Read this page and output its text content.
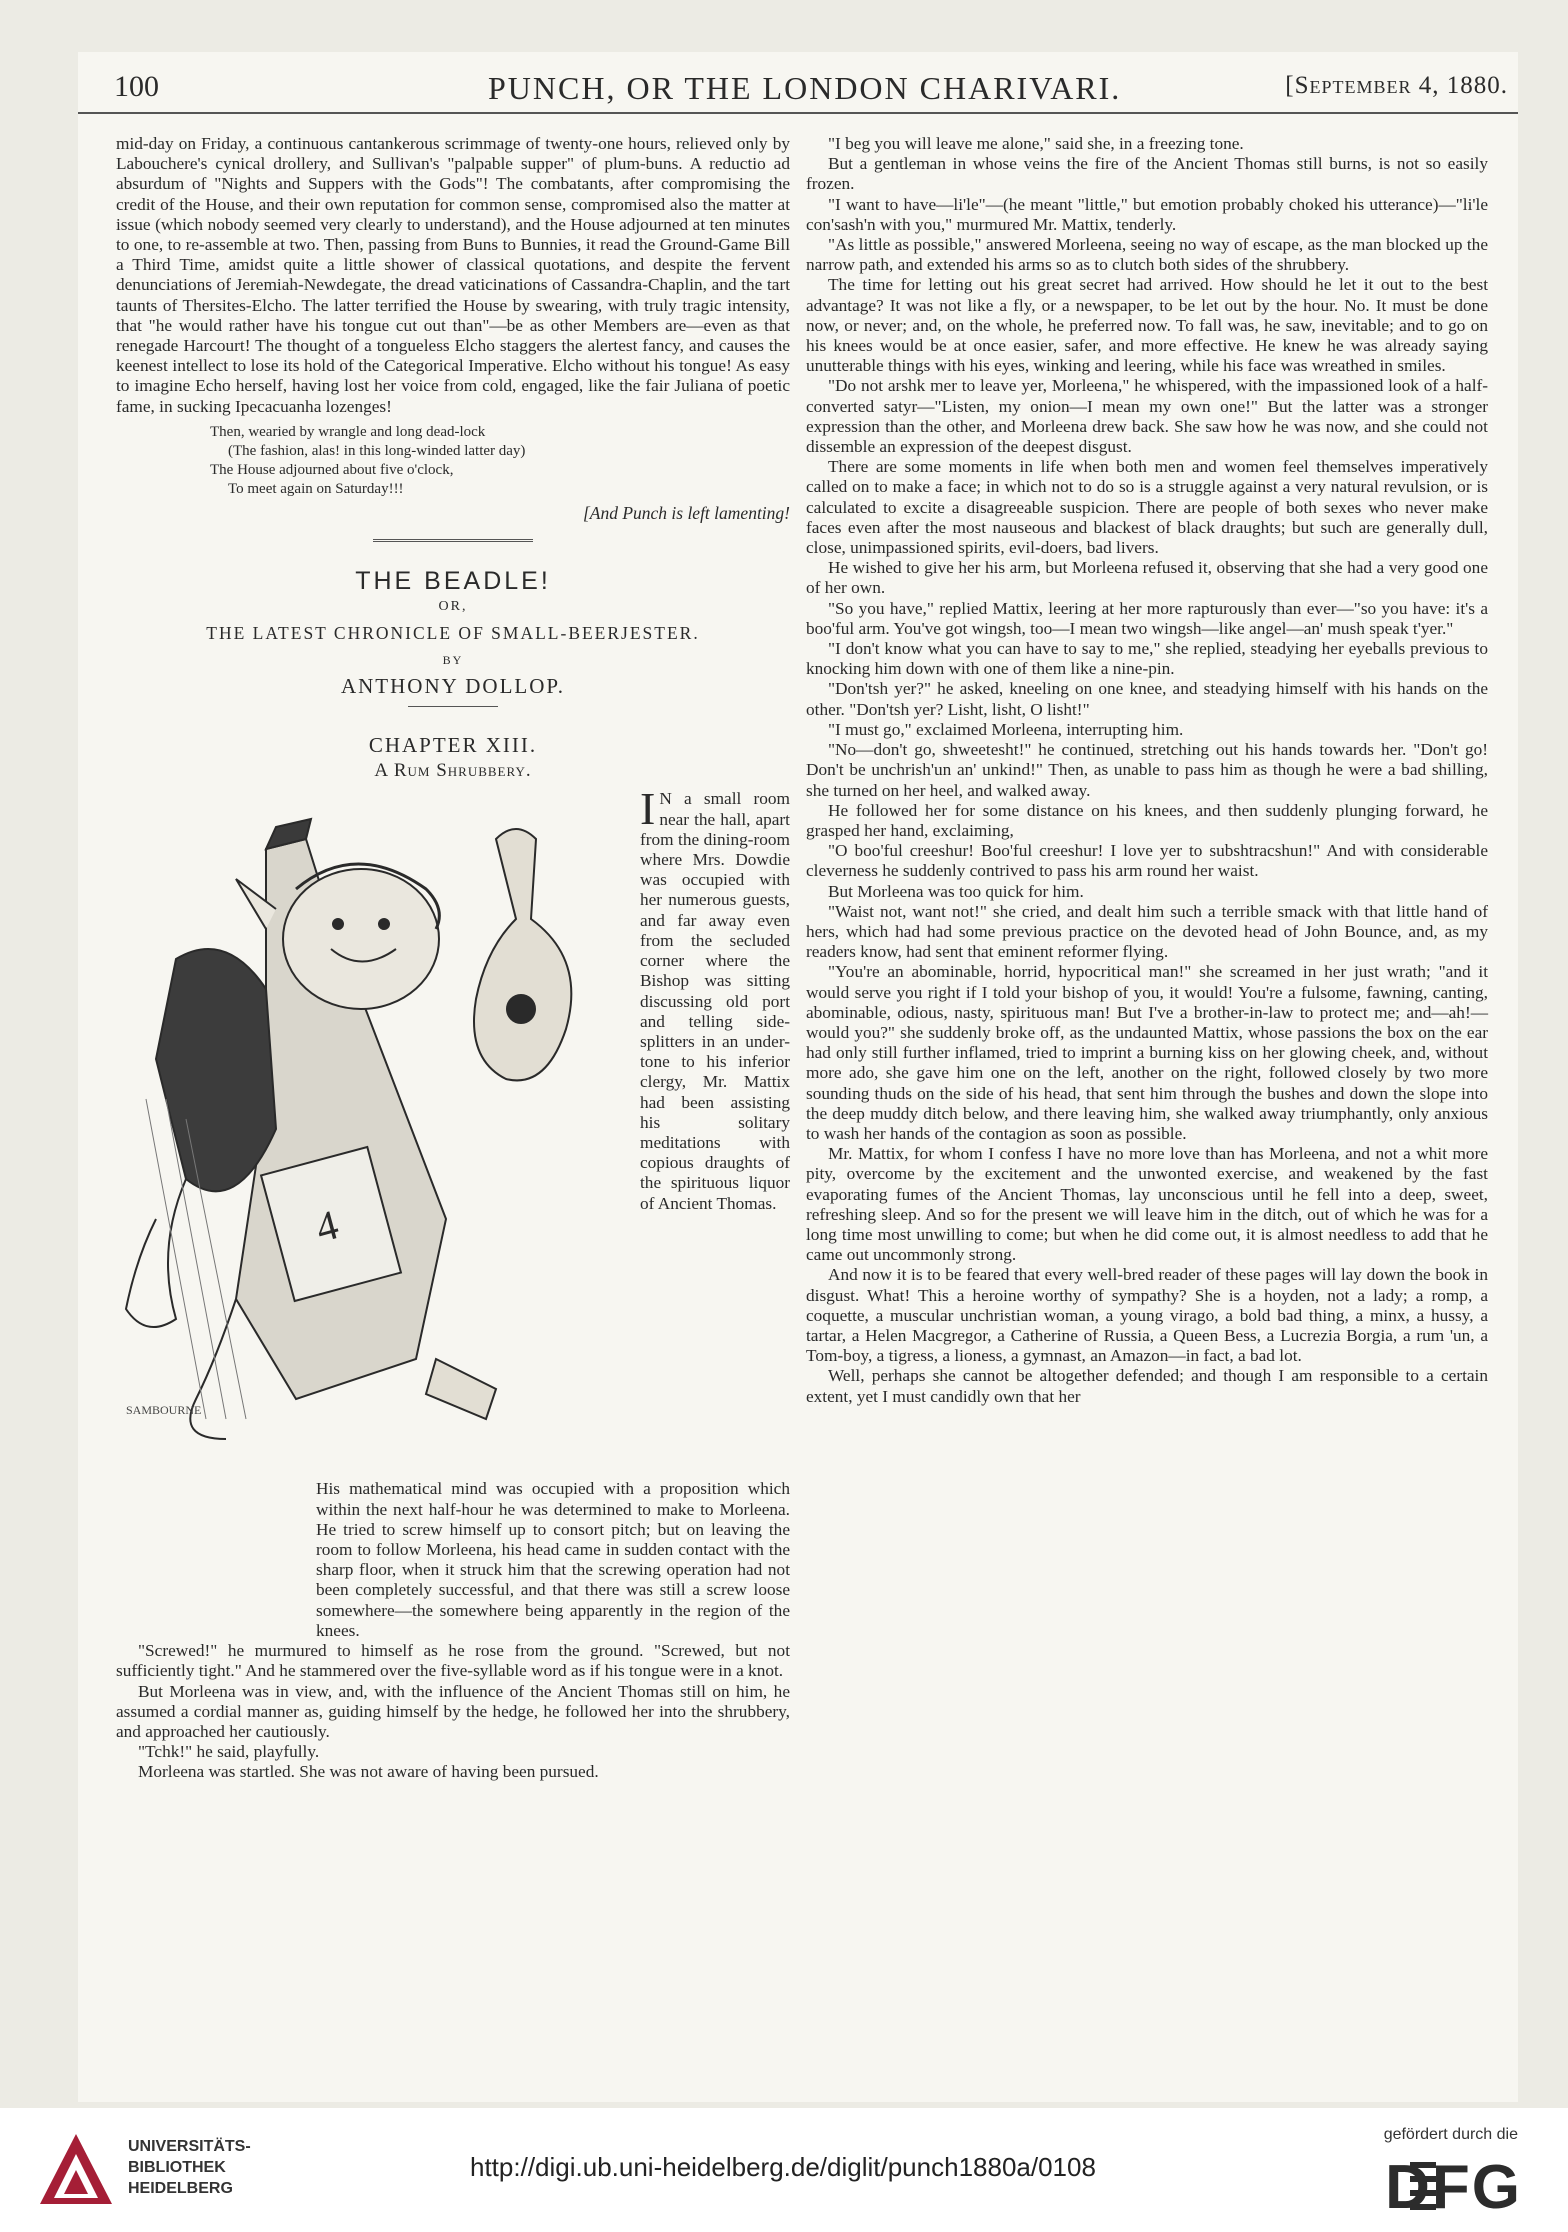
100	PUNCH, OR THE LONDON CHARIVARI.	[September 4, 1880.

mid-day on Friday, a continuous cantankerous scrimmage of twenty-one hours, relieved only by Labouchere's cynical drollery, and Sullivan's "palpable supper" of plum-buns. A reductio ad absurdum of "Nights and Suppers with the Gods"! The combatants, after compromising the credit of the House, and their own reputation for common sense, compromised also the matter at issue (which nobody seemed very clearly to understand), and the House adjourned at ten minutes to one, to re-assemble at two. Then, passing from Buns to Bunnies, it read the Ground-Game Bill a Third Time, amidst quite a little shower of classical quotations, and despite the fervent denunciations of Jeremiah-Newdegate, the dread vaticinations of Cassandra-Chaplin, and the tart taunts of Thersites-Elcho. The latter terrified the House by swearing, with truly tragic intensity, that "he would rather have his tongue cut out than"—be as other Members are—even as that renegade Harcourt! The thought of a tongueless Elcho staggers the alertest fancy, and causes the keenest intellect to lose its hold of the Categorical Imperative. Elcho without his tongue! As easy to imagine Echo herself, having lost her voice from cold, engaged, like the fair Juliana of poetic fame, in sucking Ipecacuanha lozenges!

Then, wearied by wrangle and long dead-lock
(The fashion, alas! in this long-winded latter day)
The House adjourned about five o'clock,
To meet again on Saturday!!!
[And Punch is left lamenting!
THE BEADLE!
OR,
THE LATEST CHRONICLE OF SMALL-BEERJESTER.
BY
ANTHONY DOLLOP.
CHAPTER XIII.
A Rum Shrubbery.
4
SAMBOURNE
I N a small room near the hall, apart from the dining-room where Mrs. Dowdie was occupied with her numerous guests, and far away even from the secluded corner where the Bishop was sitting discussing old port and telling side-splitters in an under-tone to his inferior clergy, Mr. Mattix had been assisting his solitary meditations with copious draughts of the spirituous liquor of Ancient Thomas.

His mathematical mind was occupied with a proposition which within the next half-hour he was determined to make to Morleena. He tried to screw himself up to consort pitch; but on leaving the room to follow Morleena, his head came in sudden contact with the sharp floor, when it struck him that the screwing operation had not been completely successful, and that there was still a screw loose somewhere—the somewhere being apparently in the region of the knees.

"Screwed!" he murmured to himself as he rose from the ground. "Screwed, but not sufficiently tight." And he stammered over the five-syllable word as if his tongue were in a knot.

But Morleena was in view, and, with the influence of the Ancient Thomas still on him, he assumed a cordial manner as, guiding himself by the hedge, he followed her into the shrubbery, and approached her cautiously.

"Tchk!" he said, playfully.

Morleena was startled. She was not aware of having been pursued.

"I beg you will leave me alone," said she, in a freezing tone.

But a gentleman in whose veins the fire of the Ancient Thomas still burns, is not so easily frozen.

"I want to have—li'le"—(he meant "little," but emotion probably choked his utterance)—"li'le con'sash'n with you," murmured Mr. Mattix, tenderly.

"As little as possible," answered Morleena, seeing no way of escape, as the man blocked up the narrow path, and extended his arms so as to clutch both sides of the shrubbery.

The time for letting out his great secret had arrived. How should he let it out to the best advantage? It was not like a fly, or a newspaper, to be let out by the hour. No. It must be done now, or never; and, on the whole, he preferred now. To fall was, he saw, inevitable; and to go on his knees would be at once easier, safer, and more effective. He knew he was already saying unutterable things with his eyes, winking and leering, while his face was wreathed in smiles.

"Do not arshk mer to leave yer, Morleena," he whispered, with the impassioned look of a half-converted satyr—"Listen, my onion—I mean my own one!" But the latter was a stronger expression than the other, and Morleena drew back. She saw how he was now, and she could not dissemble an expression of the deepest disgust.

There are some moments in life when both men and women feel themselves imperatively called on to make a face; in which not to do so is a struggle against a very natural revulsion, or is calculated to excite a disagreeable suspicion. There are people of both sexes who never make faces even after the most nauseous and blackest of black draughts; but such are generally dull, close, unimpassioned spirits, evil-doers, bad livers.

He wished to give her his arm, but Morleena refused it, observing that she had a very good one of her own.

"So you have," replied Mattix, leering at her more rapturously than ever—"so you have: it's a boo'ful arm. You've got wingsh, too—I mean two wingsh—like angel—an' mush speak t'yer."

"I don't know what you can have to say to me," she replied, steadying her eyeballs previous to knocking him down with one of them like a nine-pin.

"Don'tsh yer?" he asked, kneeling on one knee, and steadying himself with his hands on the other. "Don'tsh yer? Lisht, lisht, O lisht!"

"I must go," exclaimed Morleena, interrupting him.

"No—don't go, shweetesht!" he continued, stretching out his hands towards her. "Don't go! Don't be unchrish'un an' unkind!" Then, as unable to pass him as though he were a bad shilling, she turned on her heel, and walked away.

He followed her for some distance on his knees, and then suddenly plunging forward, he grasped her hand, exclaiming,

"O boo'ful creeshur! Boo'ful creeshur! I love yer to subshtracshun!" And with considerable cleverness he suddenly contrived to pass his arm round her waist.

But Morleena was too quick for him.

"Waist not, want not!" she cried, and dealt him such a terrible smack with that little hand of hers, which had had some previous practice on the devoted head of John Bounce, and, as my readers know, had sent that eminent reformer flying.

"You're an abominable, horrid, hypocritical man!" she screamed in her just wrath; "and it would serve you right if I told your bishop of you, it would! You're a fulsome, fawning, canting, abominable, odious, nasty, spirituous man! But I've a brother-in-law to protect me; and—ah!—would you?" she suddenly broke off, as the undaunted Mattix, whose passions the box on the ear had only still further inflamed, tried to imprint a burning kiss on her glowing cheek, and, without more ado, she gave him one on the left, another on the right, followed closely by two more sounding thuds on the side of his head, that sent him through the bushes and down the slope into the deep muddy ditch below, and there leaving him, she walked away triumphantly, only anxious to wash her hands of the contagion as soon as possible.

Mr. Mattix, for whom I confess I have no more love than has Morleena, and not a whit more pity, overcome by the excitement and the unwonted exercise, and weakened by the fast evaporating fumes of the Ancient Thomas, lay unconscious until he fell into a deep, sweet, refreshing sleep. And so for the present we will leave him in the ditch, out of which he was for a long time most unwilling to come; but when he did come out, it is almost needless to add that he came out uncommonly strong.

And now it is to be feared that every well-bred reader of these pages will lay down the book in disgust. What! This a heroine worthy of sympathy? She is a hoyden, not a lady; a romp, a coquette, a muscular unchristian woman, a young virago, a bold bad thing, a minx, a hussy, a tartar, a Helen Macgregor, a Catherine of Russia, a Queen Bess, a Lucrezia Borgia, a rum 'un, a Tom-boy, a tigress, a lioness, a gymnast, an Amazon—in fact, a bad lot.

Well, perhaps she cannot be altogether defended; and though I am responsible to a certain extent, yet I must candidly own that her

UNIVERSITÄTS-
BIBLIOTHEK
HEIDELBERG
http://digi.ub.uni-heidelberg.de/diglit/punch1880a/0108
gefördert durch die
DFG
